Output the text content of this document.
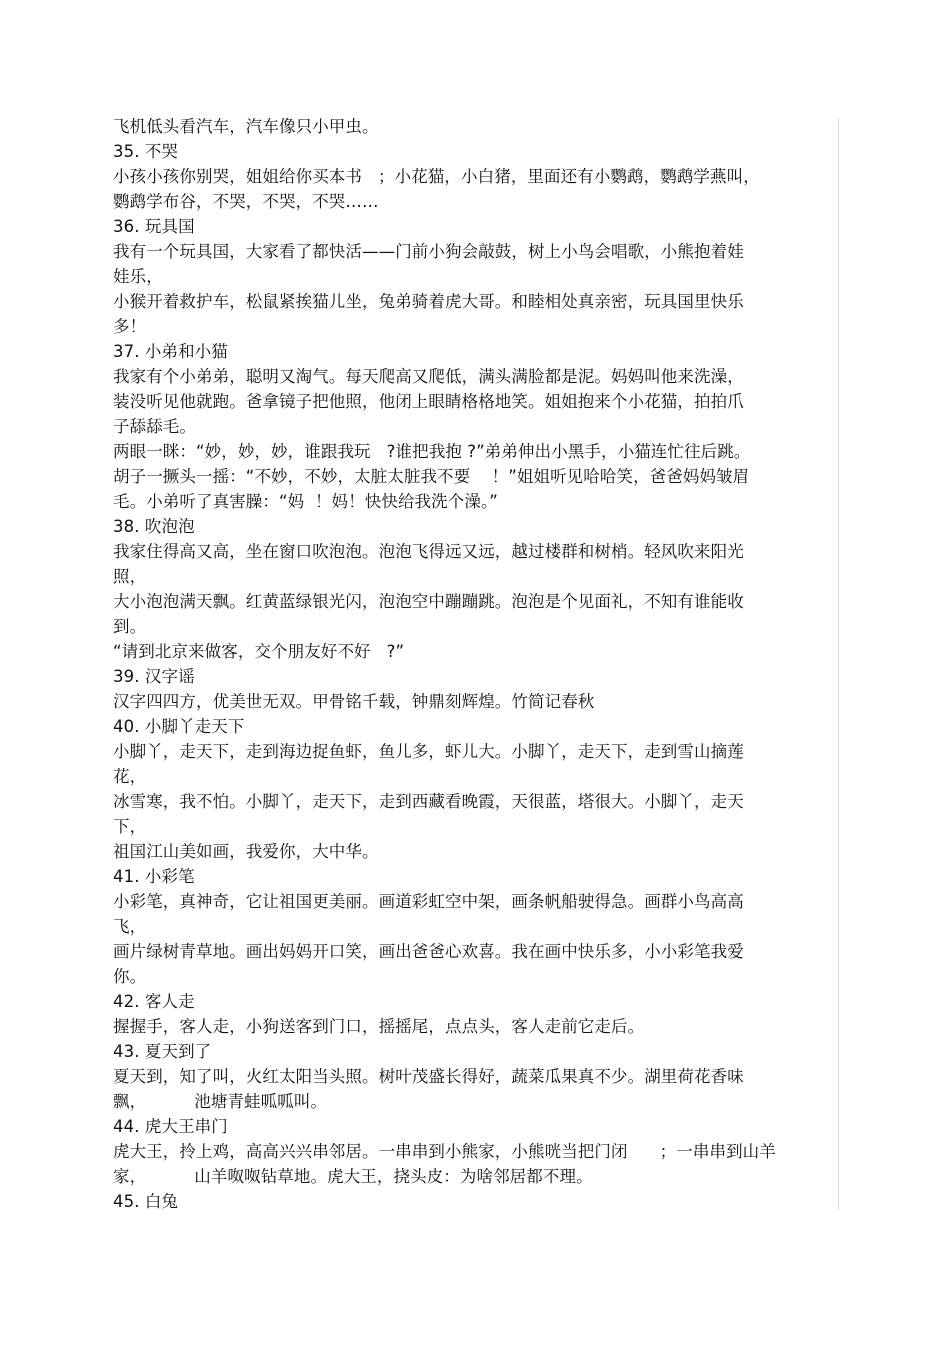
飞机低头看汽车，汽车像只小甲虫。
35. 不哭
小孩小孩你别哭，姐姐给你买本书   ；小花猫，小白猪，里面还有小鹦鹉，鹦鹉学燕叫，
鹦鹉学布谷，不哭，不哭，不哭……
36. 玩具国
我有一个玩具国，大家看了都快活——门前小狗会敲鼓，树上小鸟会唱歌，小熊抱着娃
娃乐，
小猴开着救护车，松鼠紧挨猫儿坐，兔弟骑着虎大哥。和睦相处真亲密，玩具国里快乐
多！
37. 小弟和小猫
我家有个小弟弟，聪明又淘气。每天爬高又爬低，满头满脸都是泥。妈妈叫他来洗澡，
装没听见他就跑。爸拿镜子把他照，他闭上眼睛格格地笑。姐姐抱来个小花猫，拍拍爪
子舔舔毛。
两眼一眯：“妙，妙，妙，谁跟我玩   ?谁把我抱 ?”弟弟伸出小黑手，小猫连忙往后跳。
胡子一撅头一摇：“不妙，不妙，太脏太脏我不要    ！”姐姐听见哈哈笑，爸爸妈妈皱眉
毛。小弟听了真害臊：“妈  ！妈！快快给我洗个澡。”
38. 吹泡泡
我家住得高又高，坐在窗口吹泡泡。泡泡飞得远又远，越过楼群和树梢。轻风吹来阳光
照，
大小泡泡满天飘。红黄蓝绿银光闪，泡泡空中蹦蹦跳。泡泡是个见面礼，不知有谁能收
到。
“请到北京来做客，交个朋友好不好   ?”
39. 汉字谣
汉字四四方，优美世无双。甲骨铭千载，钟鼎刻辉煌。竹简记春秋
40. 小脚丫走天下
小脚丫，走天下，走到海边捉鱼虾，鱼儿多，虾儿大。小脚丫，走天下，走到雪山摘莲
花，
冰雪寒，我不怕。小脚丫，走天下，走到西藏看晚霞，天很蓝，塔很大。小脚丫，走天
下，
祖国江山美如画，我爱你，大中华。
41. 小彩笔
小彩笔，真神奇，它让祖国更美丽。画道彩虹空中架，画条帆船驶得急。画群小鸟高高
飞，
画片绿树青草地。画出妈妈开口笑，画出爸爸心欢喜。我在画中快乐多，小小彩笔我爱
你。
42. 客人走
握握手，客人走，小狗送客到门口，摇摇尾，点点头，客人走前它走后。
43. 夏天到了
夏天到，知了叫，火红太阳当头照。树叶茂盛长得好，蔬菜瓜果真不少。湖里荷花香味
飘，         池塘青蛙呱呱叫。
44. 虎大王串门
虎大王，拎上鸡，高高兴兴串邻居。一串串到小熊家，小熊咣当把门闭      ；一串串到山羊
家，         山羊呶呶钻草地。虎大王，挠头皮：为啥邻居都不理。
45. 白兔
